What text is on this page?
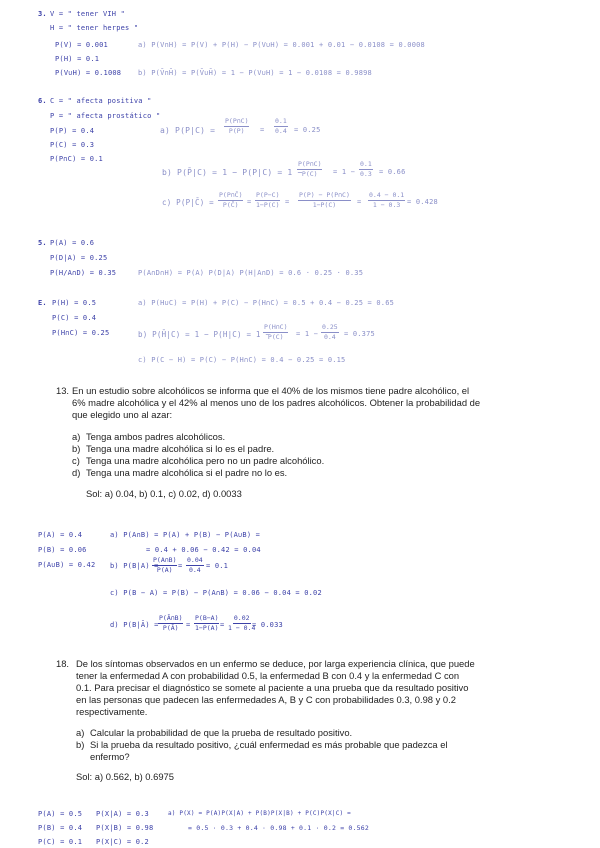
3. V = " tener VIH "
H = " tener herpes "
P(V) = 0.001
P(H) = 0.1
P(V∪H) = 0.1008
a) P(V∩H) = P(V) + P(H) − P(V∪H) = 0.001 + 0.01 − 0.0108 = 0.0008
b) P(V̄∩H̄) = P(V̄∪H̄) = 1 − P(V∪H) = 1 − 0.0108 = 0.9898
6. C = " afecta positiva "
P = " afecta prostático "
P(P) = 0.4
P(C) = 0.3
P(P∩C) = 0.1
a) $P(P|C) = \frac{P(P\cap C)}{P(P)} = \frac{0.1}{0.4} = 0.25$
b) P(P̄|C) = 1 − P(P|C) = 1 −
$\frac{P(P\cap C)}{P(C)} = 1 - \frac{0.1}{0.3} = 0.66$
c) P(P|C̄) = $\frac{P(P\cap C̄)}{P(C̄)} = \frac{P(P-C)}{1-P(C)} = \frac{P(P) - P(P\cap C)}{1-P(C)} = \frac{0.4 - 0.1}{1 - 0.3} = 0.428$
5. P(A) = 0.6
P(D|A) = 0.25
P(H/A∩D) = 0.35	P(A∩D∩H) = P(A) P(D|A) P(H|A∩D) = 0.6 · 0.25 · 0.35
E. P(H) = 0.5
P(C) = 0.4
P(H∩C) = 0.25
a) P(H∪C) = P(H) + P(C) − P(H∩C) = 0.5 + 0.4 − 0.25 = 0.65
b) P(H̄|C) = 1 − P(H|C) = 1 −
$\frac{P(H\cap C)}{P(C)} = 1 - \frac{0.25}{0.4} = 0.375$
c) P(C − H) = P(C) − P(H∩C) = 0.4 − 0.25 = 0.15
13. En un estudio sobre alcohólicos se informa que el 40% de los mismos tiene padre alcohólico, el
6% madre alcohólica y el 42% al menos uno de los padres alcohólicos. Obtener la probabilidad de
que elegido uno al azar:
a) Tenga ambos padres alcohólicos.
b) Tenga una madre alcohólica si lo es el padre.
c) Tenga una madre alcohólica pero no un padre alcohólico.
d) Tenga una madre alcohólica si el padre no lo es.
Sol: a) 0.04, b) 0.1, c) 0.02, d) 0.0033
P(A) = 0.4
P(B) = 0.06
P(A∪B) = 0.42
a) P(A∩B) = P(A) + P(B) − P(A∪B) =
= 0.4 + 0.06 − 0.42 = 0.04
b) P(B|A) =
$\frac{P(A\cap B)}{P(A)} = \frac{0.04}{0.4} = 0.1$
c) P(B − A) = P(B) − P(A∩B) = 0.06 − 0.04 = 0.02
d) P(B|Ā) = $\frac{P(Ā\cap B)}{P(Ā)} = \frac{P(B-A)}{1-P(A)} = \frac{0.02}{1 - 0.4}$
= 0.033
18. De los síntomas observados en un enfermo se deduce, por larga experiencia clínica, que puede
tener la enfermedad A con probabilidad 0.5, la enfermedad B con 0.4 y la enfermedad C con
0.1. Para precisar el diagnóstico se somete al paciente a una prueba que da resultado positivo
en las personas que padecen las enfermedades A, B y C con probabilidades 0.3, 0.98 y 0.2
respectivamente.
a) Calcular la probabilidad de que la prueba de resultado positivo.
b) Si la prueba da resultado positivo, ¿cuál enfermedad es más probable que padezca el
enfermo?
Sol: a) 0.562, b) 0.6975
P(A) = 0.5
P(B) = 0.4
P(C) = 0.1
P(X|A) = 0.3
P(X|B) = 0.98
P(X|C) = 0.2
a) P(X) = P(A)P(X|A) + P(B)P(X|B) + P(C)P(X|C) =
= 0.5 · 0.3 + 0.4 · 0.98 + 0.1 · 0.2 = 0.562
